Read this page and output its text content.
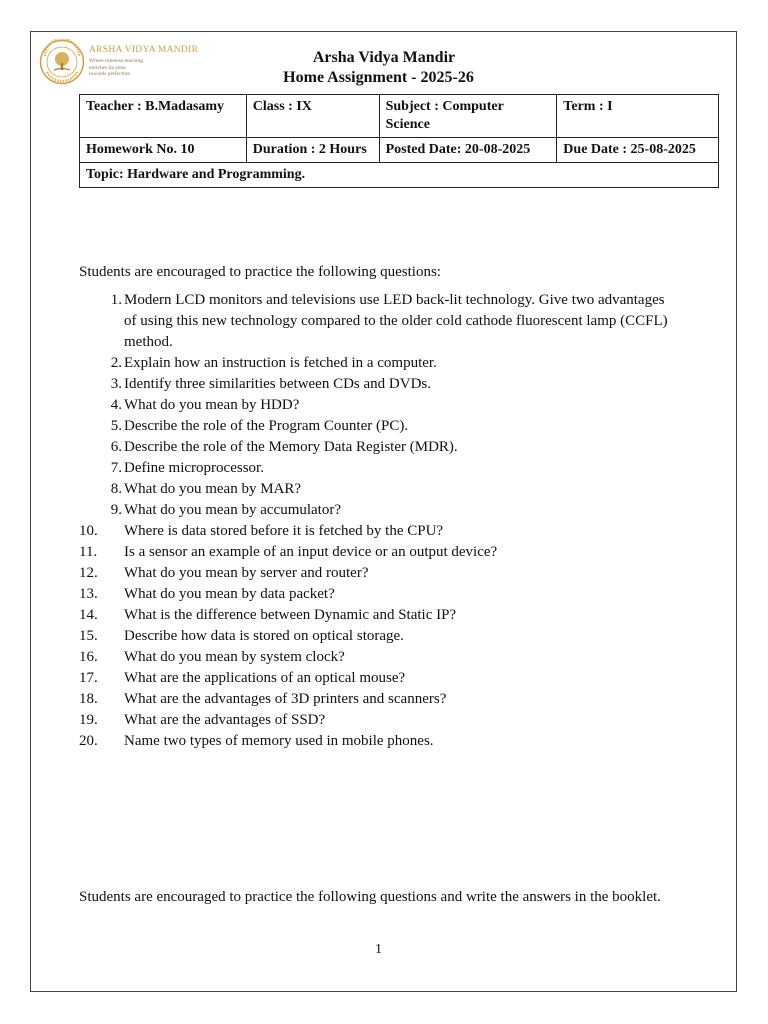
ARSHA VIDYA MANDIR
Where timeless teaching
enriches its aims
towards perfection
Arsha Vidya Mandir
Home Assignment - 2025-26
Teacher : B.Madasamy	Class : IX	Subject : Computer Science	Term : I
Homework No. 10	Duration : 2 Hours	Posted Date: 20-08-2025	Due Date : 25-08-2025
Topic: Hardware and Programming.			
Students are encouraged to practice the following questions:
1. Modern LCD monitors and televisions use LED back-lit technology. Give two advantages of using this new technology compared to the older cold cathode fluorescent lamp (CCFL) method.
2. Explain how an instruction is fetched in a computer.
3. Identify three similarities between CDs and DVDs.
4. What do you mean by HDD?
5. Describe the role of the Program Counter (PC).
6. Describe the role of the Memory Data Register (MDR).
7. Define microprocessor.
8. What do you mean by MAR?
9. What do you mean by accumulator?
10.	Where is data stored before it is fetched by the CPU?
11.	Is a sensor an example of an input device or an output device?
12.	What do you mean by server and router?
13.	What do you mean by data packet?
14.	What is the difference between Dynamic and Static IP?
15.	Describe how data is stored on optical storage.
16.	What do you mean by system clock?
17.	What are the applications of an optical mouse?
18.	What are the advantages of 3D printers and scanners?
19.	What are the advantages of SSD?
20.	Name two types of memory used in mobile phones.
Students are encouraged to practice the following questions and write the answers in the booklet.
1
